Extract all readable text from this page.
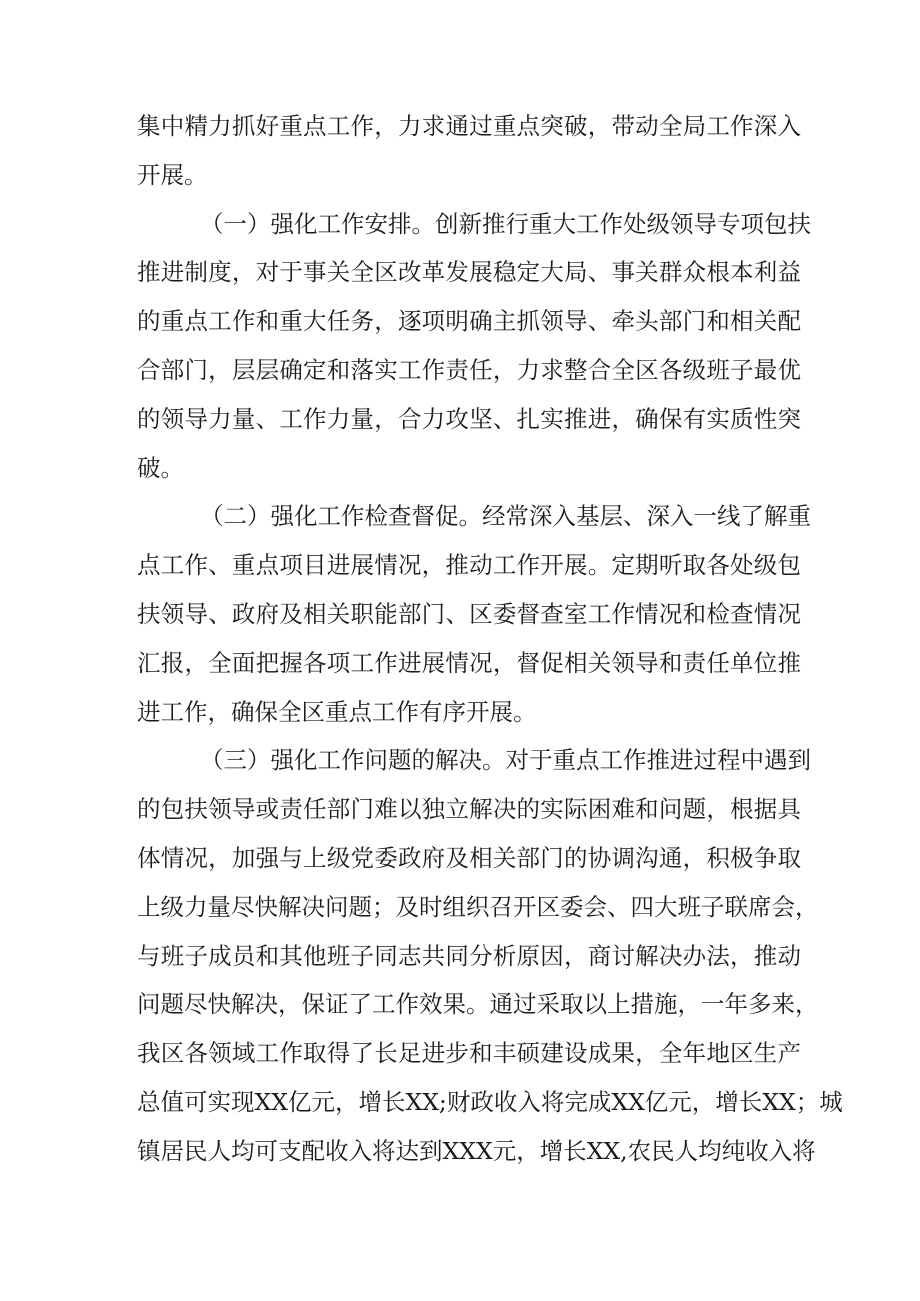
集中精力抓好重点工作，力求通过重点突破，带动全局工作深入
开展。
（一）强化工作安排。创新推行重大工作处级领导专项包扶
推进制度，对于事关全区改革发展稳定大局、事关群众根本利益
的重点工作和重大任务，逐项明确主抓领导、牵头部门和相关配
合部门，层层确定和落实工作责任，力求整合全区各级班子最优
的领导力量、工作力量，合力攻坚、扎实推进，确保有实质性突
破。
（二）强化工作检查督促。经常深入基层、深入一线了解重
点工作、重点项目进展情况，推动工作开展。定期听取各处级包
扶领导、政府及相关职能部门、区委督查室工作情况和检查情况
汇报，全面把握各项工作进展情况，督促相关领导和责任单位推
进工作，确保全区重点工作有序开展。
（三）强化工作问题的解决。对于重点工作推进过程中遇到
的包扶领导或责任部门难以独立解决的实际困难和问题，根据具
体情况，加强与上级党委政府及相关部门的协调沟通，积极争取
上级力量尽快解决问题；及时组织召开区委会、四大班子联席会，
与班子成员和其他班子同志共同分析原因，商讨解决办法，推动
问题尽快解决，保证了工作效果。通过采取以上措施，一年多来，
我区各领域工作取得了长足进步和丰硕建设成果，全年地区生产
总值可实现XX亿元，增长XX;财政收入将完成XX亿元，增长XX；城
镇居民人均可支配收入将达到XXX元，增长XX,农民人均纯收入将
